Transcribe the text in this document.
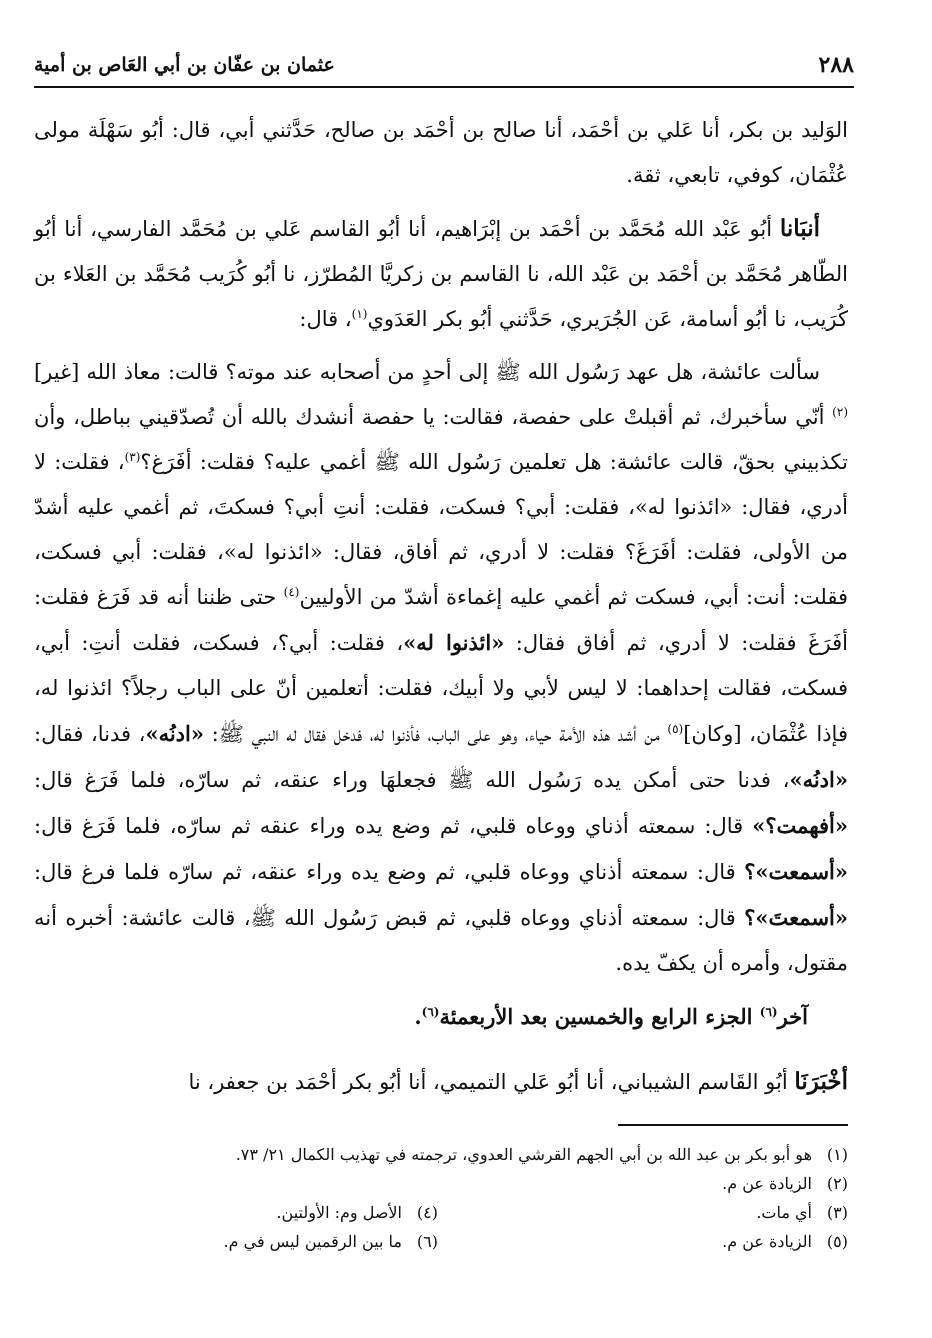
٢٨٨
عثمان بن عفّان بن أبي العَاص بن أمية

الوَليد بن بكر، أنا عَلي بن أحْمَد، أنا صالح بن أحْمَد بن صالح، حَدَّثني أبي، قال: أبُو سَهْلَة مولى عُثْمَان، كوفي، تابعي، ثقة.

أنبَانا أبُو عَبْد الله مُحَمَّد بن أحْمَد بن إبْرَاهيم، أنا أبُو القاسم عَلي بن مُحَمَّد الفارسي، أنا أبُو الطّاهر مُحَمَّد بن أحْمَد بن عَبْد الله، نا القاسم بن زكريَّا المُطرّز، نا أبُو كُرَيب مُحَمَّد بن العَلاء بن كُرَيب، نا أبُو أسامة، عَن الجُرَيري، حَدَّثني أبُو بكر العَدَوي$^{(١)}$، قال:

سألت عائشة، هل عهد رَسُول الله ﷺ إلى أحدٍ من أصحابه عند موته؟ قالت: معاذ الله [غير]$^{(٢)}$ أنّي سأخبرك، ثم أقبلتْ على حفصة، فقالت: يا حفصة أنشدك بالله أن تُصدّقيني بباطل، وأن تكذبيني بحقّ، قالت عائشة: هل تعلمين رَسُول الله ﷺ أغمي عليه؟ فقلت: أفَرَغ؟$^{(٣)}$، فقلت: لا أدري، فقال: «ائذنوا له»، فقلت: أبي؟ فسكت، فقلت: أنتِ أبي؟ فسكتَ، ثم أغمي عليه أشدّ من الأولى، فقلت: أفَرَغَ؟ فقلت: لا أدري، ثم أفاق، فقال: «ائذنوا له»، فقلت: أبي فسكت، فقلت: أنت: أبي، فسكت ثم أغمي عليه إغماءة أشدّ من الأوليين$^{(٤)}$ حتى ظننا أنه قد فَرَغ فقلت: أفَرَغَ فقلت: لا أدري، ثم أفاق فقال: «ائذنوا له»، فقلت: أبي؟، فسكت، فقلت أنتِ: أبي، فسكت، فقالت إحداهما: لا ليس لأبي ولا أبيك، فقلت: أتعلمين أنّ على الباب رجلاً؟ ائذنوا له، فإذا عُثْمَان، [وكان]$^{(٥)}$ من أشد هذه الأمة حياء، وهو على الباب، فأذنوا له، فدخل فقال له النبي ﷺ: «ادنُه»، فدنا، فقال: «ادنُه»، فدنا حتى أمكن يده رَسُول الله ﷺ فجعلهَا وراء عنقه، ثم سارّه، فلما فَرَغ قال: «أفهمت؟» قال: سمعته أذناي ووعاه قلبي، ثم وضع يده وراء عنقه ثم سارّه، فلما فَرَغ قال: «أسمعت»؟ قال: سمعته أذناي ووعاه قلبي، ثم وضع يده وراء عنقه، ثم سارّه فلما فرغ قال: «أسمعتَ»؟ قال: سمعته أذناي ووعاه قلبي، ثم قبض رَسُول الله ﷺ، قالت عائشة: أخبره أنه مقتول، وأمره أن يكفّ يده.

آخر$^{(٦)}$ الجزء الرابع والخمسين بعد الأربعمئة$^{(٦)}$.

أخْبَرَنَا أبُو القَاسم الشيباني، أنا أبُو عَلي التميمي، أنا أبُو بكر أحْمَد بن جعفر، نا

(١)هو أبو بكر بن عبد الله بن أبي الجهم القرشي العدوي، ترجمته في تهذيب الكمال ٢١/ ٧٣.
(٢)الزيادة عن م.
(٣)أي مات.
(٤)الأصل وم: الأولتين.
(٥)الزيادة عن م.
(٦)ما بين الرقمين ليس في م.
